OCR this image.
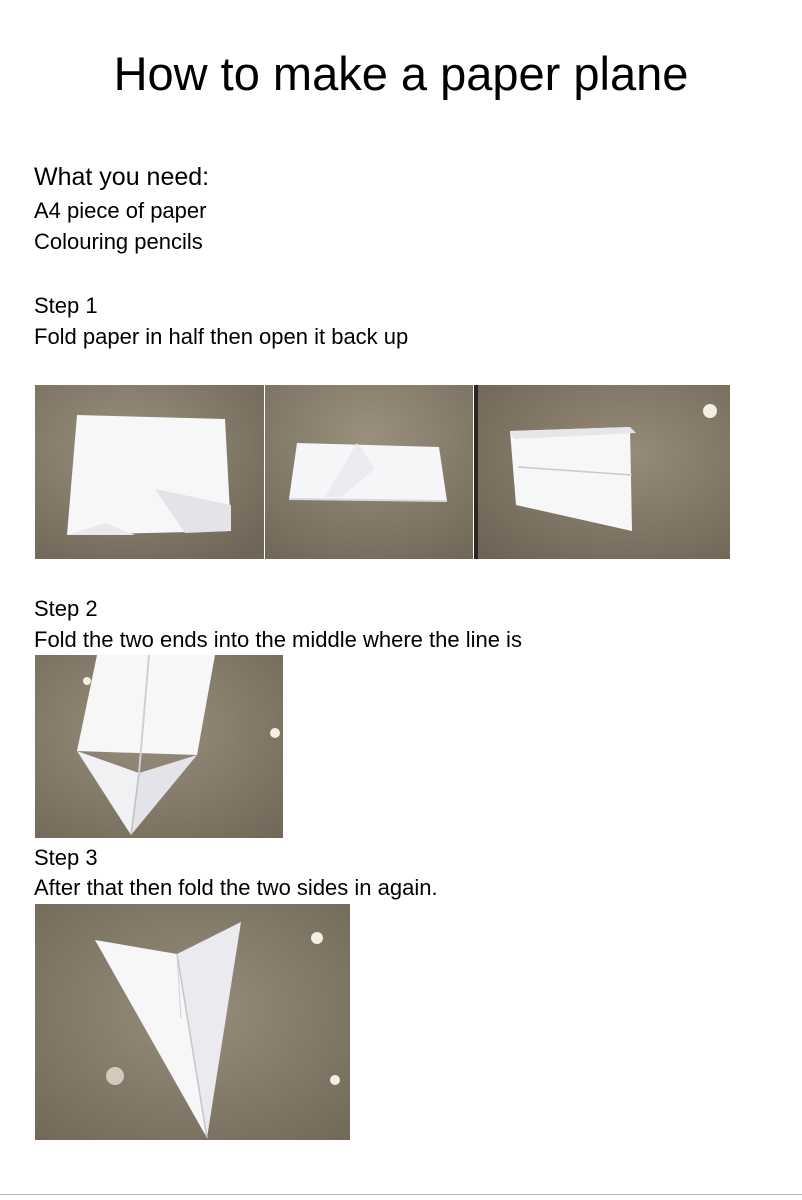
How to make a paper plane
What you need:
A4 piece of paper
Colouring pencils
Step 1
Fold paper in half then open it back up
Step 2
Fold the two ends into the middle where the line is
Step 3
After that then fold the two sides in again.
